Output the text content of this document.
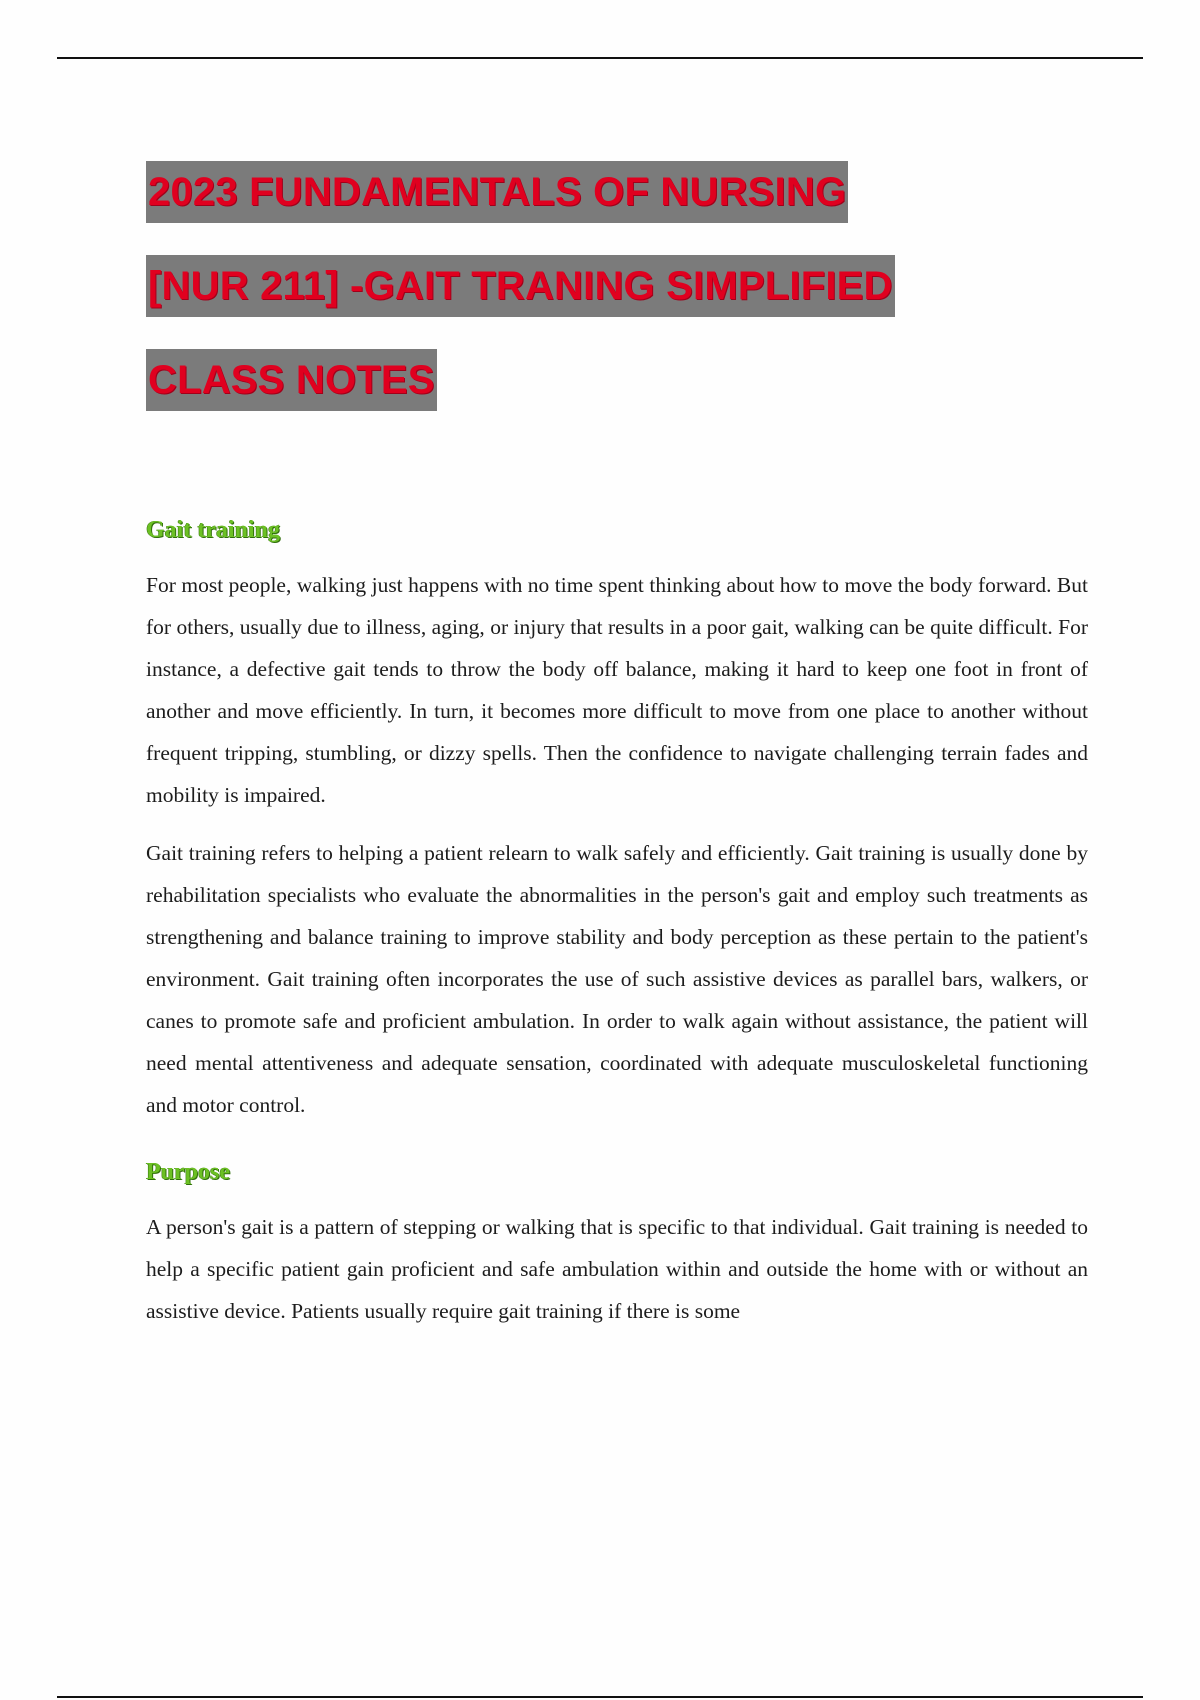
2023 FUNDAMENTALS OF NURSING
[NUR 211] -GAIT TRANING SIMPLIFIED
CLASS NOTES
Gait training

For most people, walking just happens with no time spent thinking about how to move the body forward. But for others, usually due to illness, aging, or injury that results in a poor gait, walking can be quite difficult. For instance, a defective gait tends to throw the body off balance, making it hard to keep one foot in front of another and move efficiently. In turn, it becomes more difficult to move from one place to another without frequent tripping, stumbling, or dizzy spells. Then the confidence to navigate challenging terrain fades and mobility is impaired.

Gait training refers to helping a patient relearn to walk safely and efficiently. Gait training is usually done by rehabilitation specialists who evaluate the abnormalities in the person's gait and employ such treatments as strengthening and balance training to improve stability and body perception as these pertain to the patient's environment. Gait training often incorporates the use of such assistive devices as parallel bars, walkers, or canes to promote safe and proficient ambulation. In order to walk again without assistance, the patient will need mental attentiveness and adequate sensation, coordinated with adequate musculoskeletal functioning and motor control.

Purpose

A person's gait is a pattern of stepping or walking that is specific to that individual. Gait training is needed to help a specific patient gain proficient and safe ambulation within and outside the home with or without an assistive device. Patients usually require gait training if there is some
